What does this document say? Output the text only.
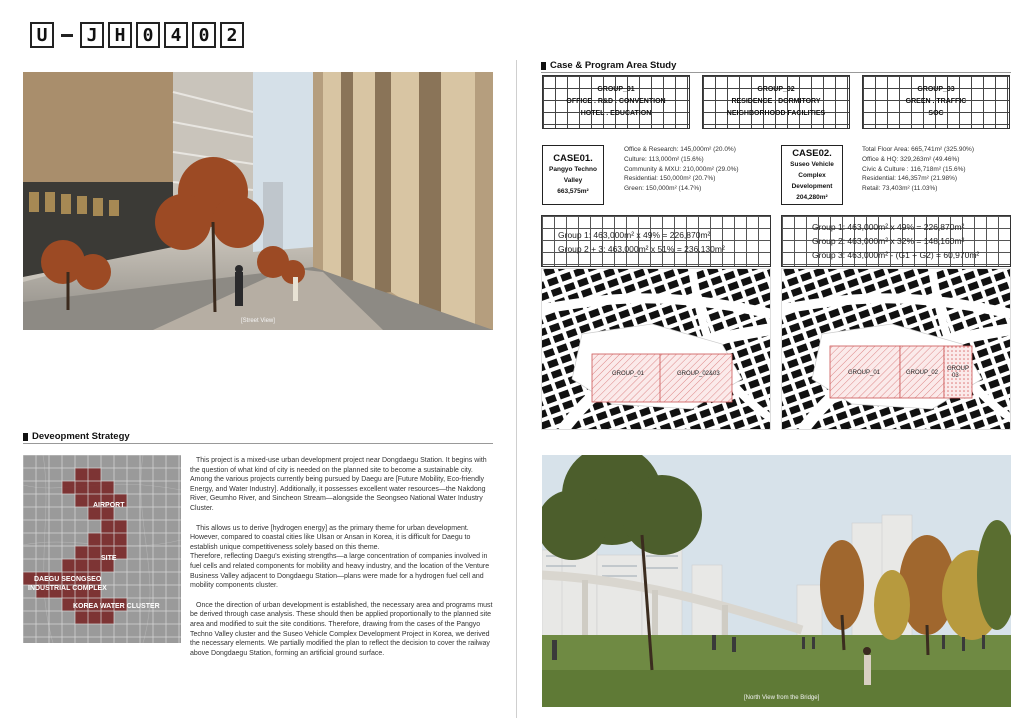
U	J H 0 4 0 2
[Street View]
Case & Program Area Study
GROUP_01
OFFICE . R&D . CONVENTION
HOTEL . EDUCATION
GROUP_02
RESIDENCE . DORMITORY
NEIGHBORHOOD FACILITIES
GROUP_03
GREEN . TRAFFIC
SOC
CASE01.
Pangyo Techno
Valley
663,575m²
Office & Research: 145,000m² (20.0%)
Culture: 113,000m² (15.6%)
Community & MXU: 210,000m² (29.0%)
Residential: 150,000m² (20.7%)
Green: 150,000m² (14.7%)
CASE02.
Suseo Vehicle
Complex
Development
204,280m²
Total Floor Area: 665,741m² (325.90%)
Office & HQ: 329,263m² (49.46%)
Civic & Culture : 116,718m² (15.6%)
Residential: 146,357m² (21.98%)
Retail: 73,403m² (11.03%)
Group 1: 463,000m² x 49% = 226,870m²
Group 2 + 3: 463,000m² x 51% = 236,130m²
Group 1: 463,000m² x 49% = 226,870m²
Group 2: 463,000m² x 32% = 148,160m²
Group 3: 463,000m² - (G1 + G2) = 60,970m²
GROUP_01	GROUP_02&03	GROUP_01	GROUP_02
GROUP
03
Deveopment Strategy
AIRPORT
SITE
DAEGU SEONGSEO
INDUSTRIAL COMPLEX
KOREA WATER CLUSTER

This project is a mixed-use urban development project near Dongdaegu Station. It begins with the question of what kind of city is needed on the planned site to become a sustainable city.
Among the various projects currently being pursued by Daegu are [Future Mobility, Eco-friendly Energy, and Water Industry]. Additionally, it possesses excellent water resources—the Nakdong River, Geumho River, and Sincheon Stream—alongside the Seongseo National Water Industry Cluster.

This allows us to derive [hydrogen energy] as the primary theme for urban development. However, compared to coastal cities like Ulsan or Ansan in Korea, it is difficult for Daegu to establish unique competitiveness solely based on this theme.
Therefore, reflecting Daegu's existing strengths—a large concentration of companies involved in fuel cells and related components for mobility and heavy industry, and the location of the Venture Business Valley adjacent to Dongdaegu Station—plans were made for a hydrogen fuel cell and mobility components cluster.

Once the direction of urban development is established, the necessary area and programs must be derived through case analysis. These should then be applied proportionally to the planned site area and modified to suit the site conditions. Therefore, drawing from the cases of the Pangyo Techno Valley cluster and the Suseo Vehicle Complex Development Project in Korea, we derived the necessary elements. We partially modified the plan to reflect the decision to cover the railway above Dongdaegu Station, forming an artificial ground surface.

[North View from the Bridge]
